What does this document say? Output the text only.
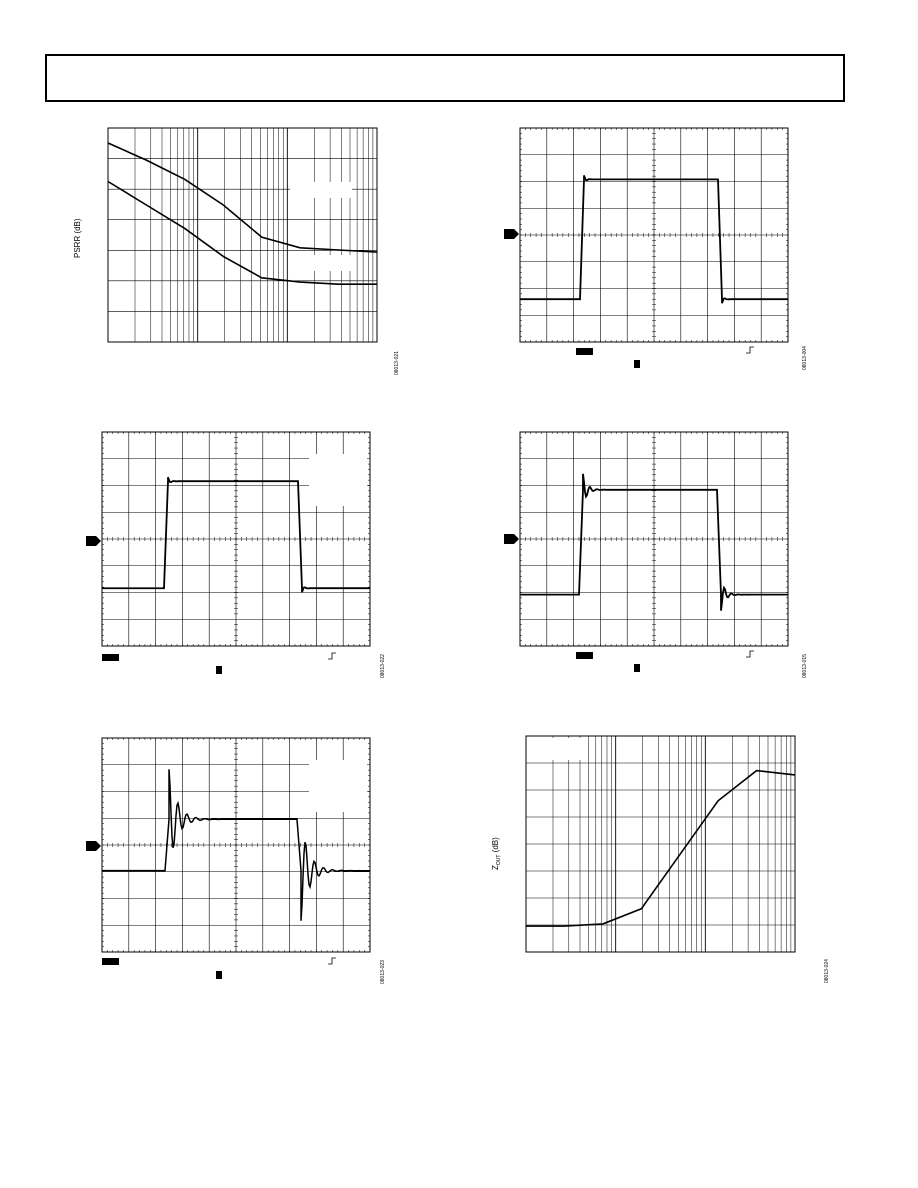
PSRR (dB)
08013-021	08013-004
08013-022	08013-015
08013-023
$Z_{OUT}$ (dB)
08013-024
